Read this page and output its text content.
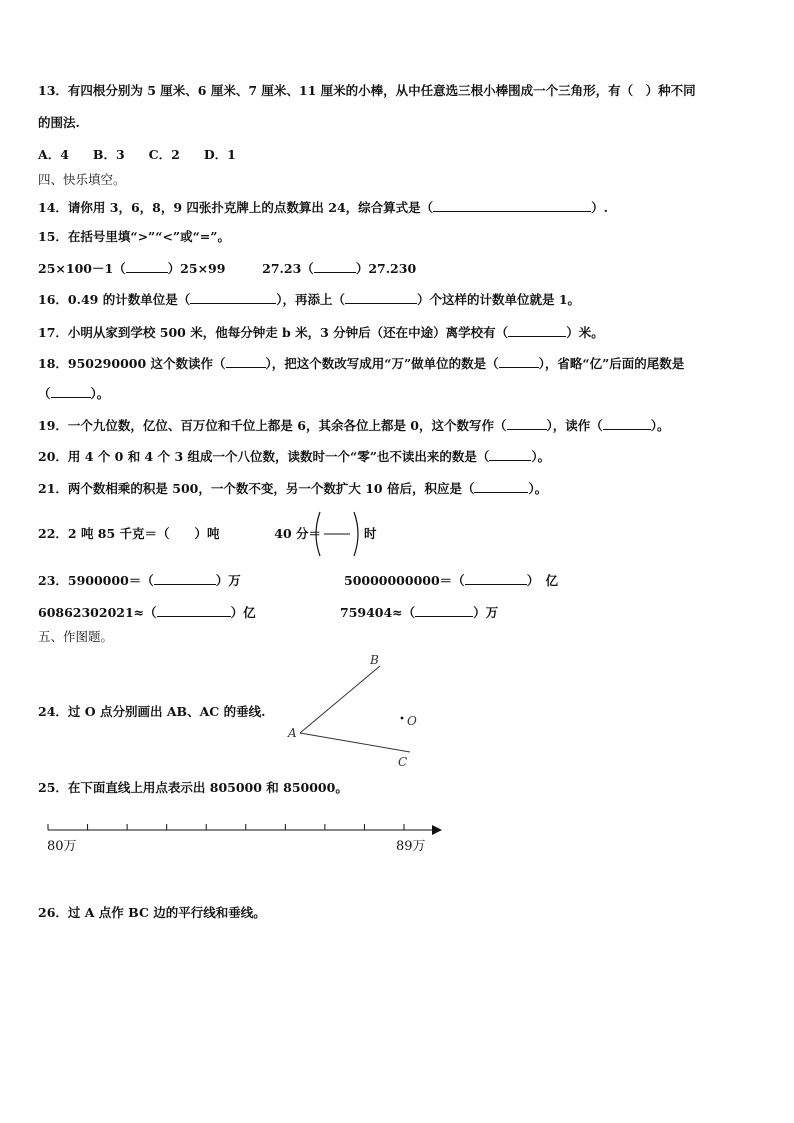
13．有四根分别为 5 厘米、6 厘米、7 厘米、11 厘米的小棒，从中任意选三根小棒围成一个三角形，有（　）种不同
的围法.
A．4 B．3 C．2 D．1
四、快乐填空。
14．请你用 3，6，8，9 四张扑克牌上的点数算出 24，综合算式是（	）.
15．在括号里填“>”“<”或“=”。
25×100－1（	）25×99	27.23（	）27.230
16．0.49 的计数单位是（	），再添上（	）个这样的计数单位就是 1。
17．小明从家到学校 500 米，他每分钟走 b 米，3 分钟后（还在中途）离学校有（	）米。
18．950290000 这个数读作（	），把这个数改写成用“万”做单位的数是（	），省略“亿”后面的尾数是
（	）。
19．一个九位数，亿位、百万位和千位上都是 6，其余各位上都是 0，这个数写作（	），读作（	）。
20．用 4 个 0 和 4 个 3 组成一个八位数，读数时一个“零”也不读出来的数是（	）。
21．两个数相乘的积是 500，一个数不变，另一个数扩大 10 倍后，积应是（	）。
22．2 吨 85 千克＝（　　）吨	40 分＝	时
23．5900000＝（	）万	50000000000＝（	）　亿
60862302021≈（	）亿	759404≈（	）万
五、作图题。
24．过 O 点分别画出 AB、AC 的垂线.
A
B
C
O
25．在下面直线上用点表示出 805000 和 850000。
80万	89万
26．过 A 点作 BC 边的平行线和垂线。
